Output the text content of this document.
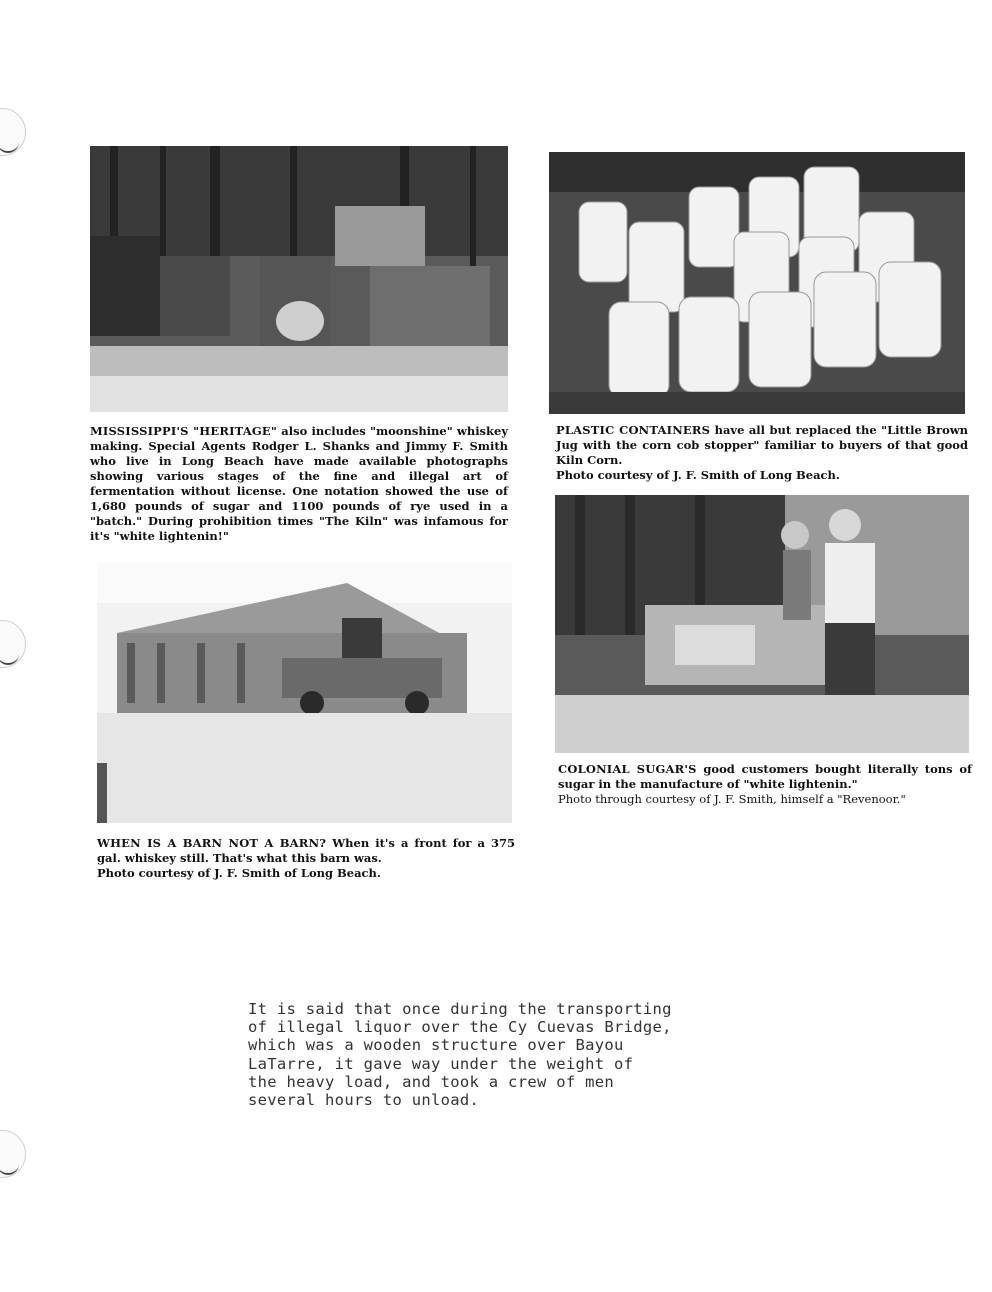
MISSISSIPPI'S "HERITAGE" also includes "moonshine" whiskey making. Special Agents Rodger L. Shanks and Jimmy F. Smith who live in Long Beach have made available photographs showing various stages of the fine and illegal art of fermentation without license. One notation showed the use of 1,680 pounds of sugar and 1100 pounds of rye used in a "batch." During prohibition times "The Kiln" was infamous for it's "white lightenin!"

PLASTIC CONTAINERS have all but replaced the "Little Brown Jug with the corn cob stopper" familiar to buyers of that good Kiln Corn.
Photo courtesy of J. F. Smith of Long Beach.

WHEN IS A BARN NOT A BARN? When it's a front for a 375 gal. whiskey still. That's what this barn was.
Photo courtesy of J. F. Smith of Long Beach.

COLONIAL SUGAR'S good customers bought literally tons of sugar in the manufacture of "white lightenin."
Photo through courtesy of J. F. Smith, himself a "Revenoor."

It is said that once during the transporting
of illegal liquor over the Cy Cuevas Bridge,
which was a wooden structure over Bayou
LaTarre, it gave way under the weight of
the heavy load, and took a crew of men
several hours to unload.
